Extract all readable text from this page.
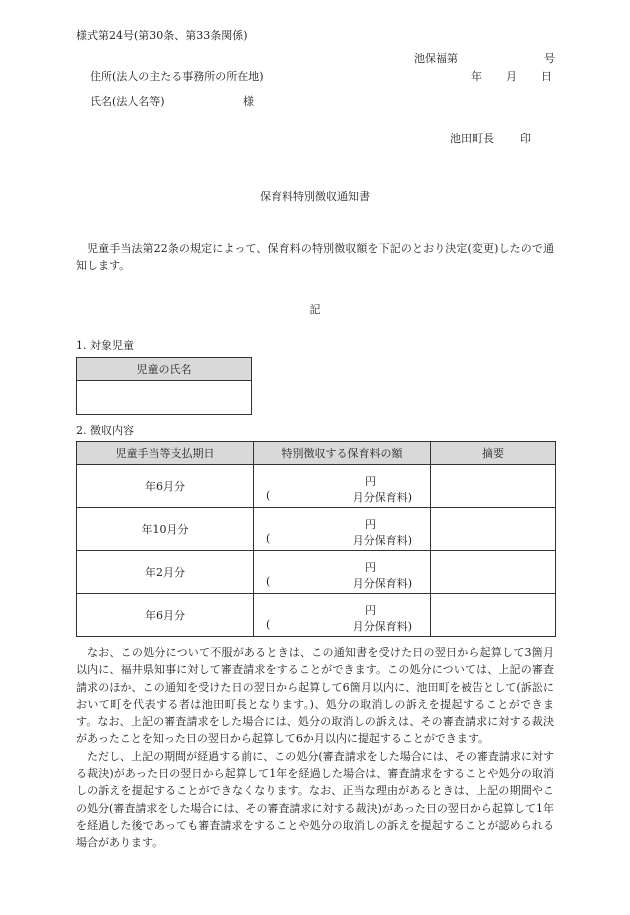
様式第24号(第30条、第33条関係)
池保福第	号
住所(法人の主たる事務所の所在地)	年 月 日
氏名(法人名等)	様
池田町長 印
保育料特別徴収通知書

児童手当法第22条の規定によって、保育料の特別徴収額を下記のとおり決定(変更)したので通知します。

記
1. 対象児童
児童の氏名

2. 徴収内容
児童手当等支払期日	特別徴収する保育料の額	摘要
年6月分	円
( 月分保育料)	

年10月分	円
( 月分保育料)	

年2月分	円
( 月分保育料)	

年6月分	円
( 月分保育料)	

なお、この処分について不服があるときは、この通知書を受けた日の翌日から起算して3箇月以内に、福井県知事に対して審査請求をすることができます。この処分については、上記の審査請求のほか、この通知を受けた日の翌日から起算して6箇月以内に、池田町を被告として(訴訟において町を代表する者は池田町長となります。)、処分の取消しの訴えを提起することができます。なお、上記の審査請求をした場合には、処分の取消しの訴えは、その審査請求に対する裁決があったことを知った日の翌日から起算して6か月以内に提起することができます。

ただし、上記の期間が経過する前に、この処分(審査請求をした場合には、その審査請求に対する裁決)があった日の翌日から起算して1年を経過した場合は、審査請求をすることや処分の取消しの訴えを提起することができなくなります。なお、正当な理由があるときは、上記の期間やこの処分(審査請求をした場合には、その審査請求に対する裁決)があった日の翌日から起算して1年を経過した後であっても審査請求をすることや処分の取消しの訴えを提起することが認められる場合があります。
